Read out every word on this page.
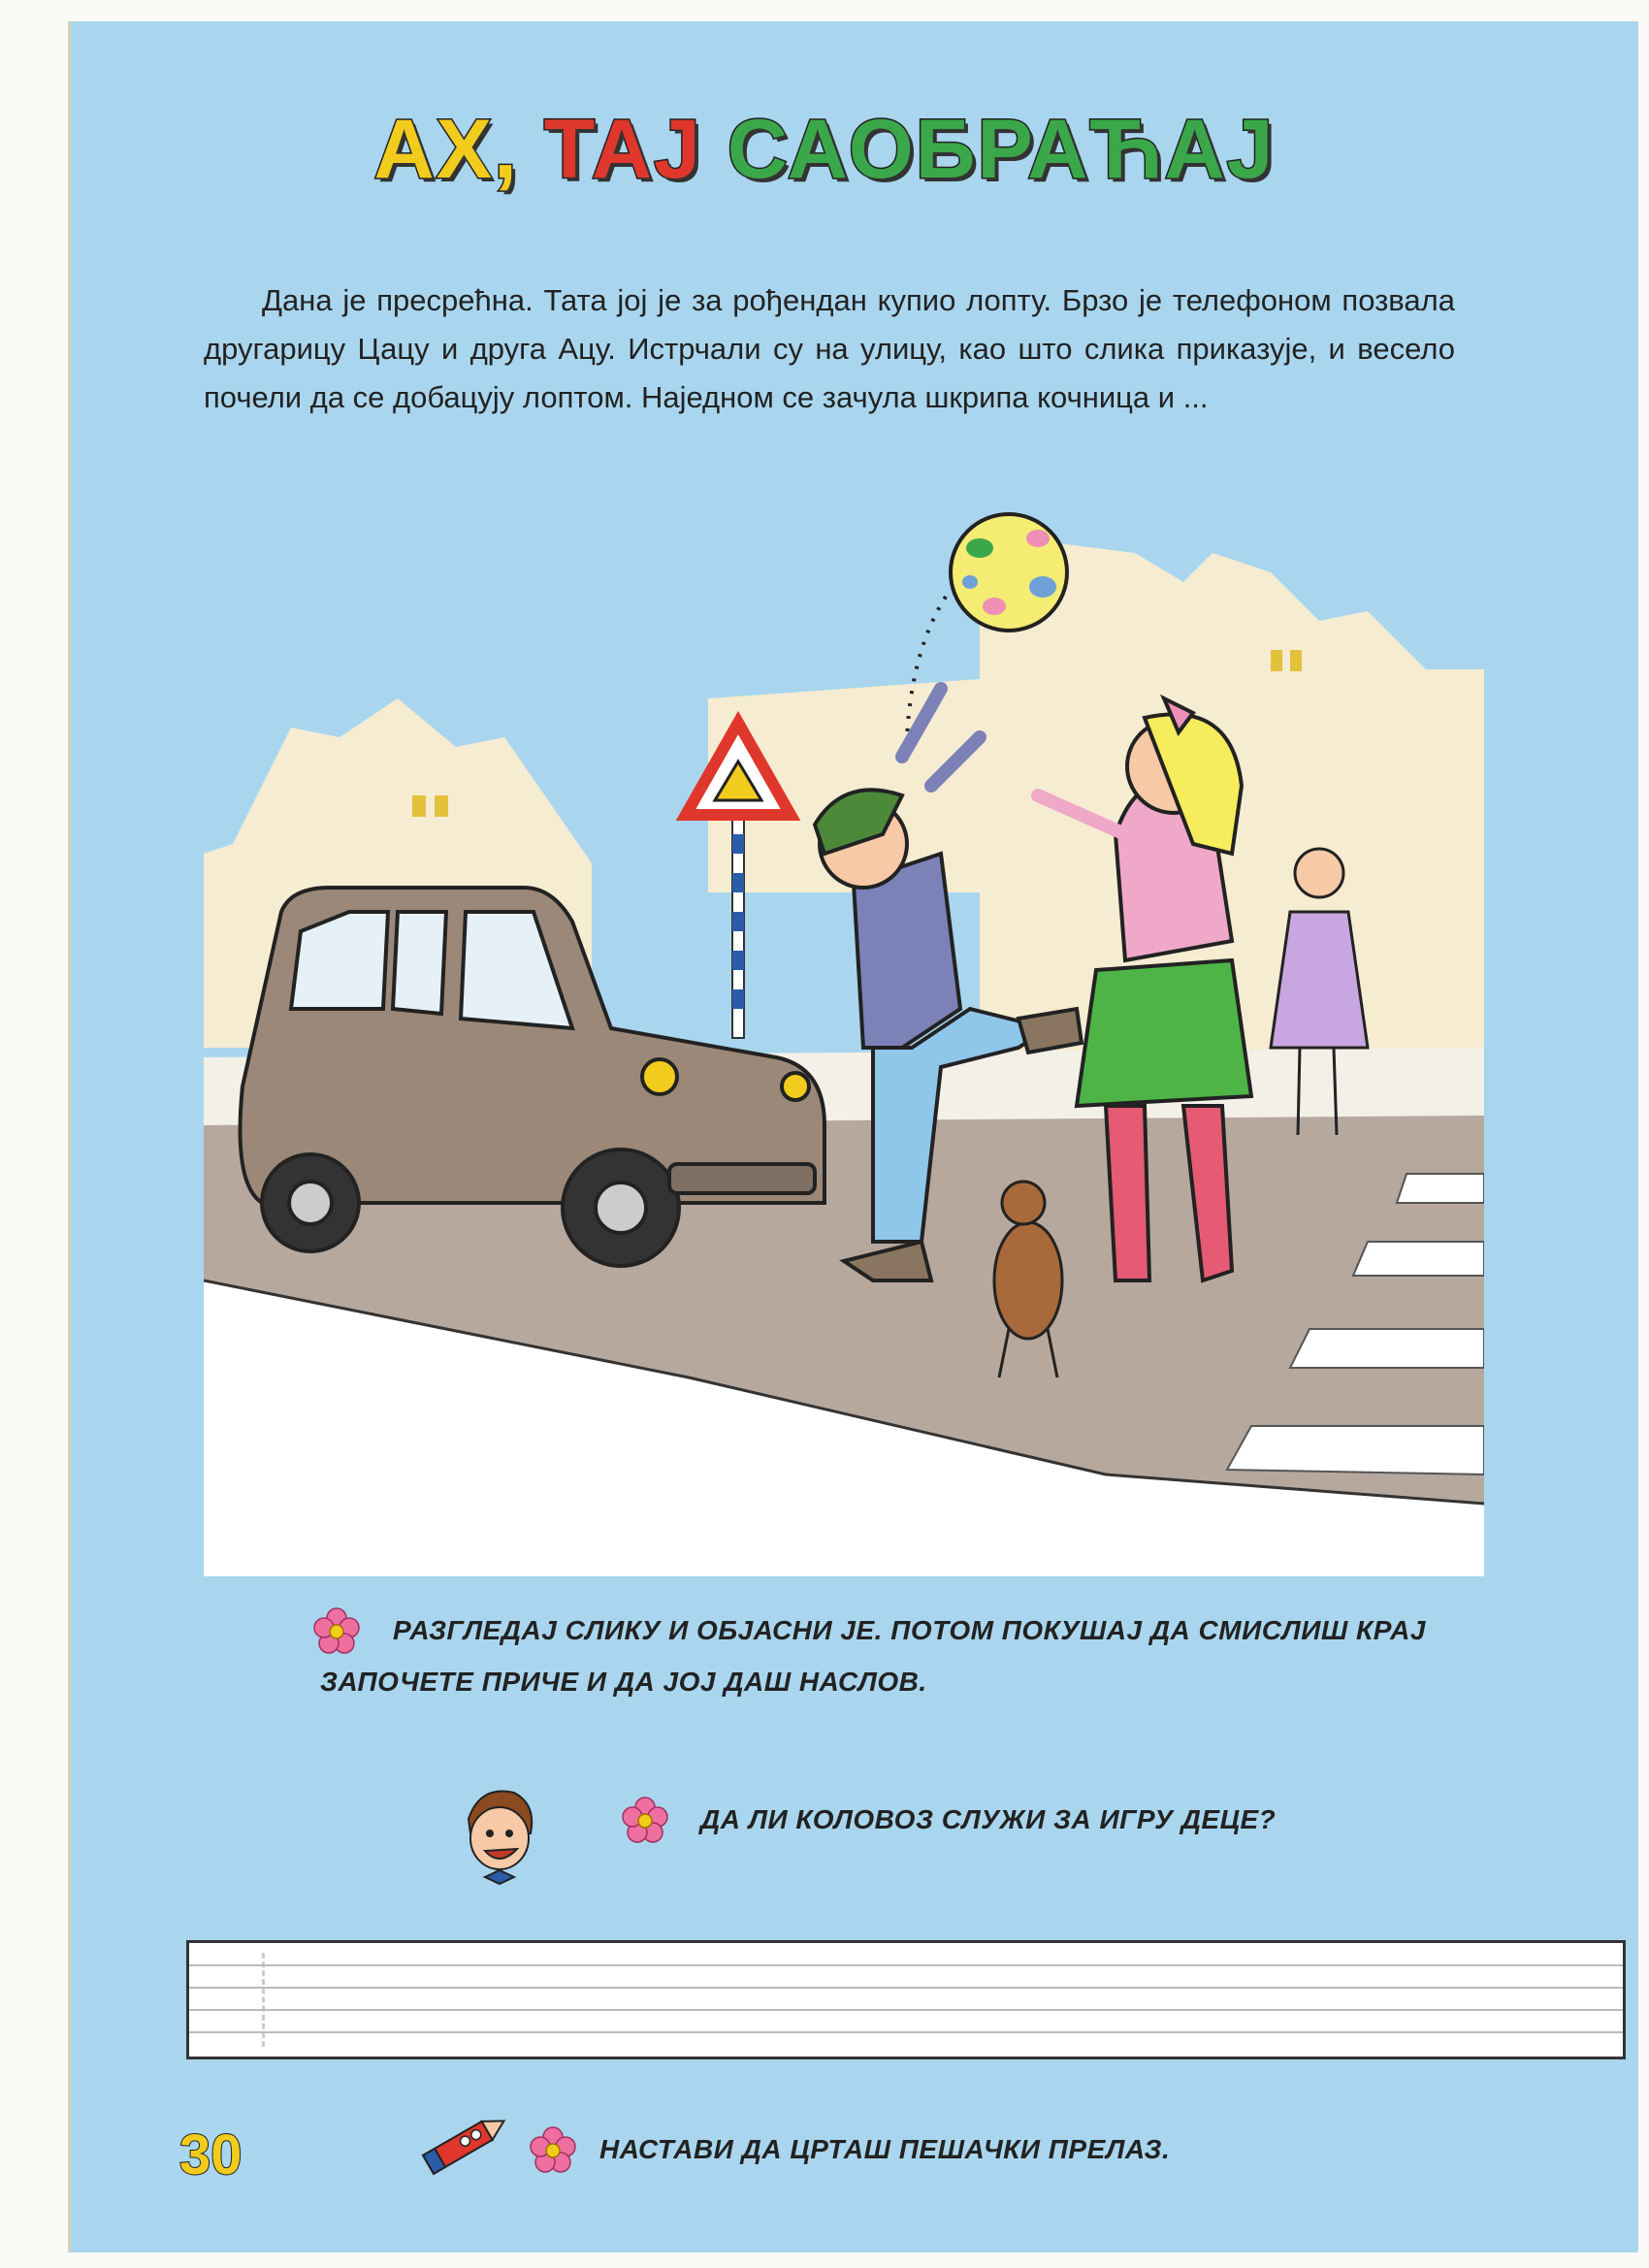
АХ, ТАЈ САОБРАЋАЈ
Дана је пресрећна. Тата јој је за рођендан купио лопту. Брзо је телефоном позвала другарицу Цацу и друга Ацу. Истрчали су на улицу, као што слика приказује, и весело почели да се добацују лоптом. Наједном се зачула шкрипа кочница и ...
РАЗГЛЕДАЈ СЛИКУ И ОБЈАСНИ ЈЕ. ПОТОМ ПОКУШАЈ ДА СМИСЛИШ КРАЈ
ЗАПОЧЕТЕ ПРИЧЕ И ДА ЈОЈ ДАШ НАСЛОВ.
ДА ЛИ КОЛОВОЗ СЛУЖИ ЗА ИГРУ ДЕЦЕ?
30	НАСТАВИ ДА ЦРТАШ ПЕШАЧКИ ПРЕЛАЗ.
